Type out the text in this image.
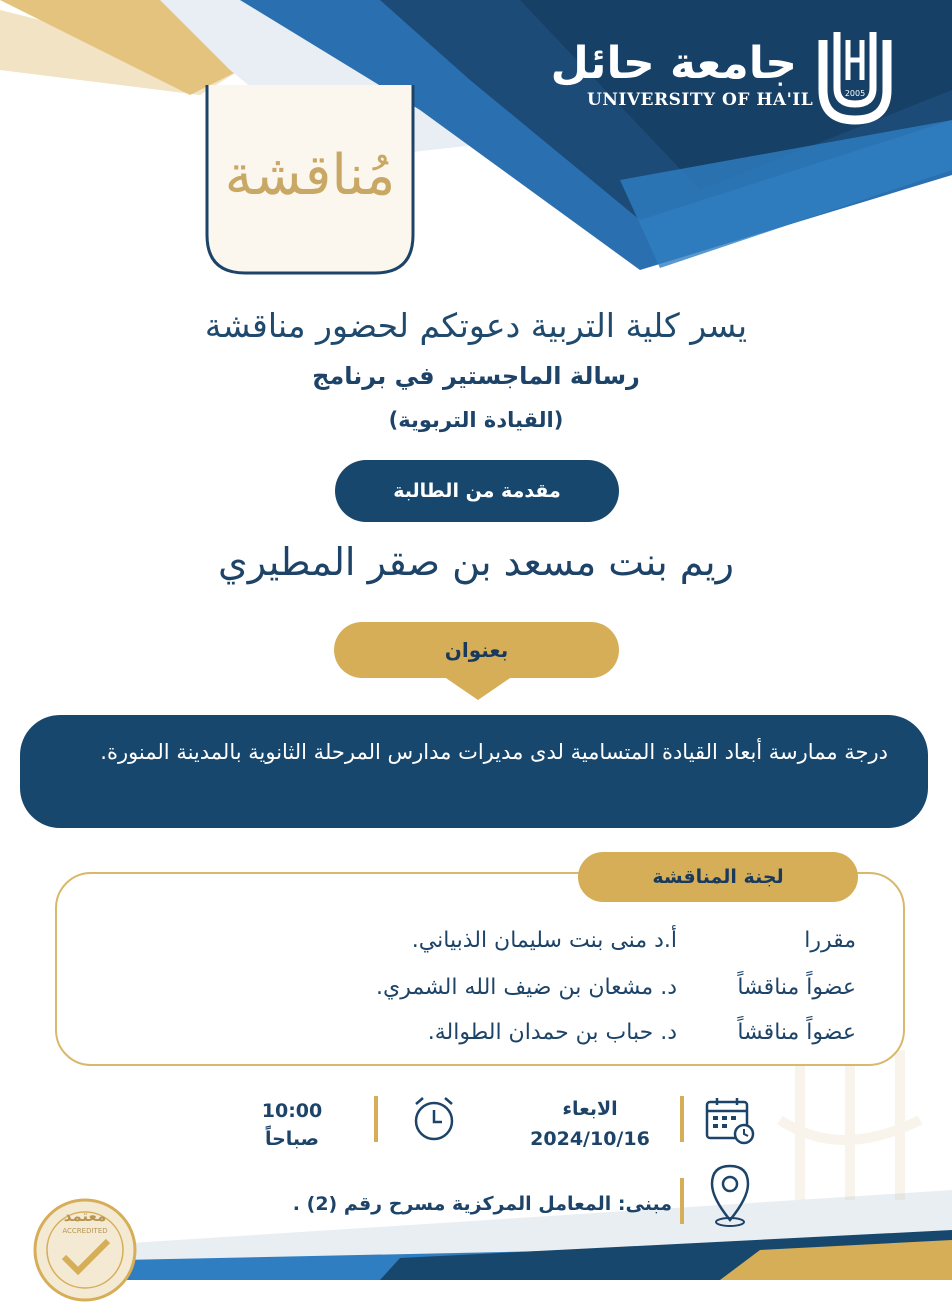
جامعة حائل
UNIVERSITY OF HA'IL	2005
مُناقشة
يسر كلية التربية دعوتكم لحضور مناقشة
رسالة الماجستير في برنامج
(القيادة التربوية)
مقدمة من الطالبة
ريم بنت مسعد بن صقر المطيري
بعنوان
درجة ممارسة أبعاد القيادة المتسامية لدى مديرات مدارس المرحلة الثانوية بالمدينة المنورة.
لجنة المناقشة
مقررا أ.د منى بنت سليمان الذبياني.
عضواً مناقشاً د. مشعان بن ضيف الله الشمري.
عضواً مناقشاً د. حباب بن حمدان الطوالة.
الابعاء
2024/10/16
10:00
صباحاً
مبنى: المعامل المركزية مسرح رقم (2) .
معتمد
ACCREDITED
